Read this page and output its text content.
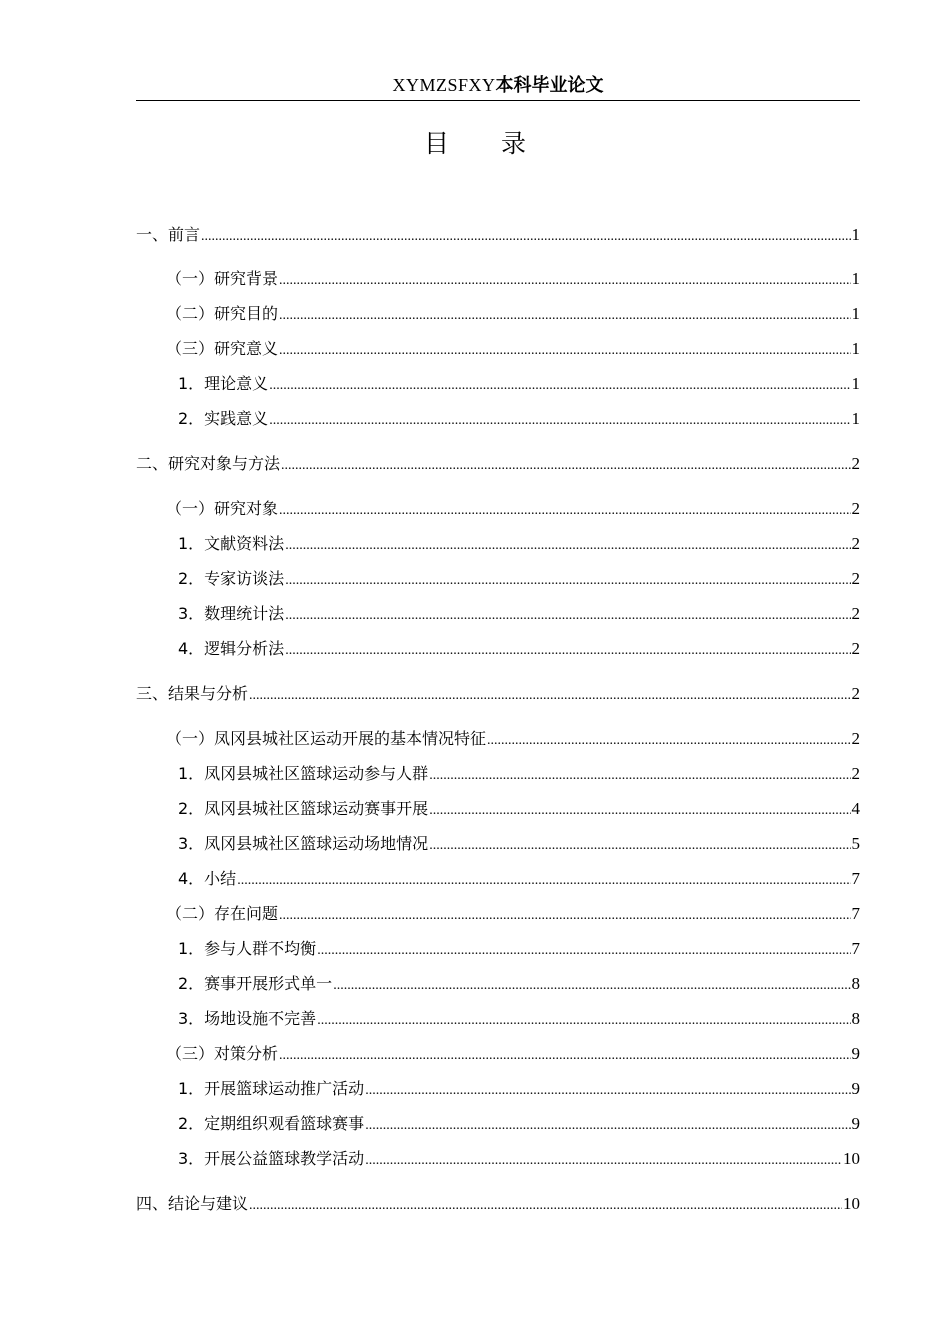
XYMZSFXY本科毕业论文
目 录
一、前言 .....	1
（一）研究背景 .....	1
（二）研究目的 .....	1
（三）研究意义 .....	1
1．理论意义 .....	1
2．实践意义 .....	1
二、研究对象与方法 .....	2
（一）研究对象 .....	2
1．文献资料法 .....	2
2．专家访谈法 .....	2
3．数理统计法 .....	2
4．逻辑分析法 .....	2
三、结果与分析 .....	2
（一）凤冈县城社区运动开展的基本情况特征 .....	2
1．凤冈县城社区篮球运动参与人群 .....	2
2．凤冈县城社区篮球运动赛事开展 .....	4
3．凤冈县城社区篮球运动场地情况 .....	5
4．小结 .....	7
（二）存在问题 .....	7
1．参与人群不均衡 .....	7
2．赛事开展形式单一 .....	8
3．场地设施不完善 .....	8
（三）对策分析 .....	9
1．开展篮球运动推广活动 .....	9
2．定期组织观看篮球赛事 .....	9
3．开展公益篮球教学活动 .....	10
四、结论与建议 .....	10
